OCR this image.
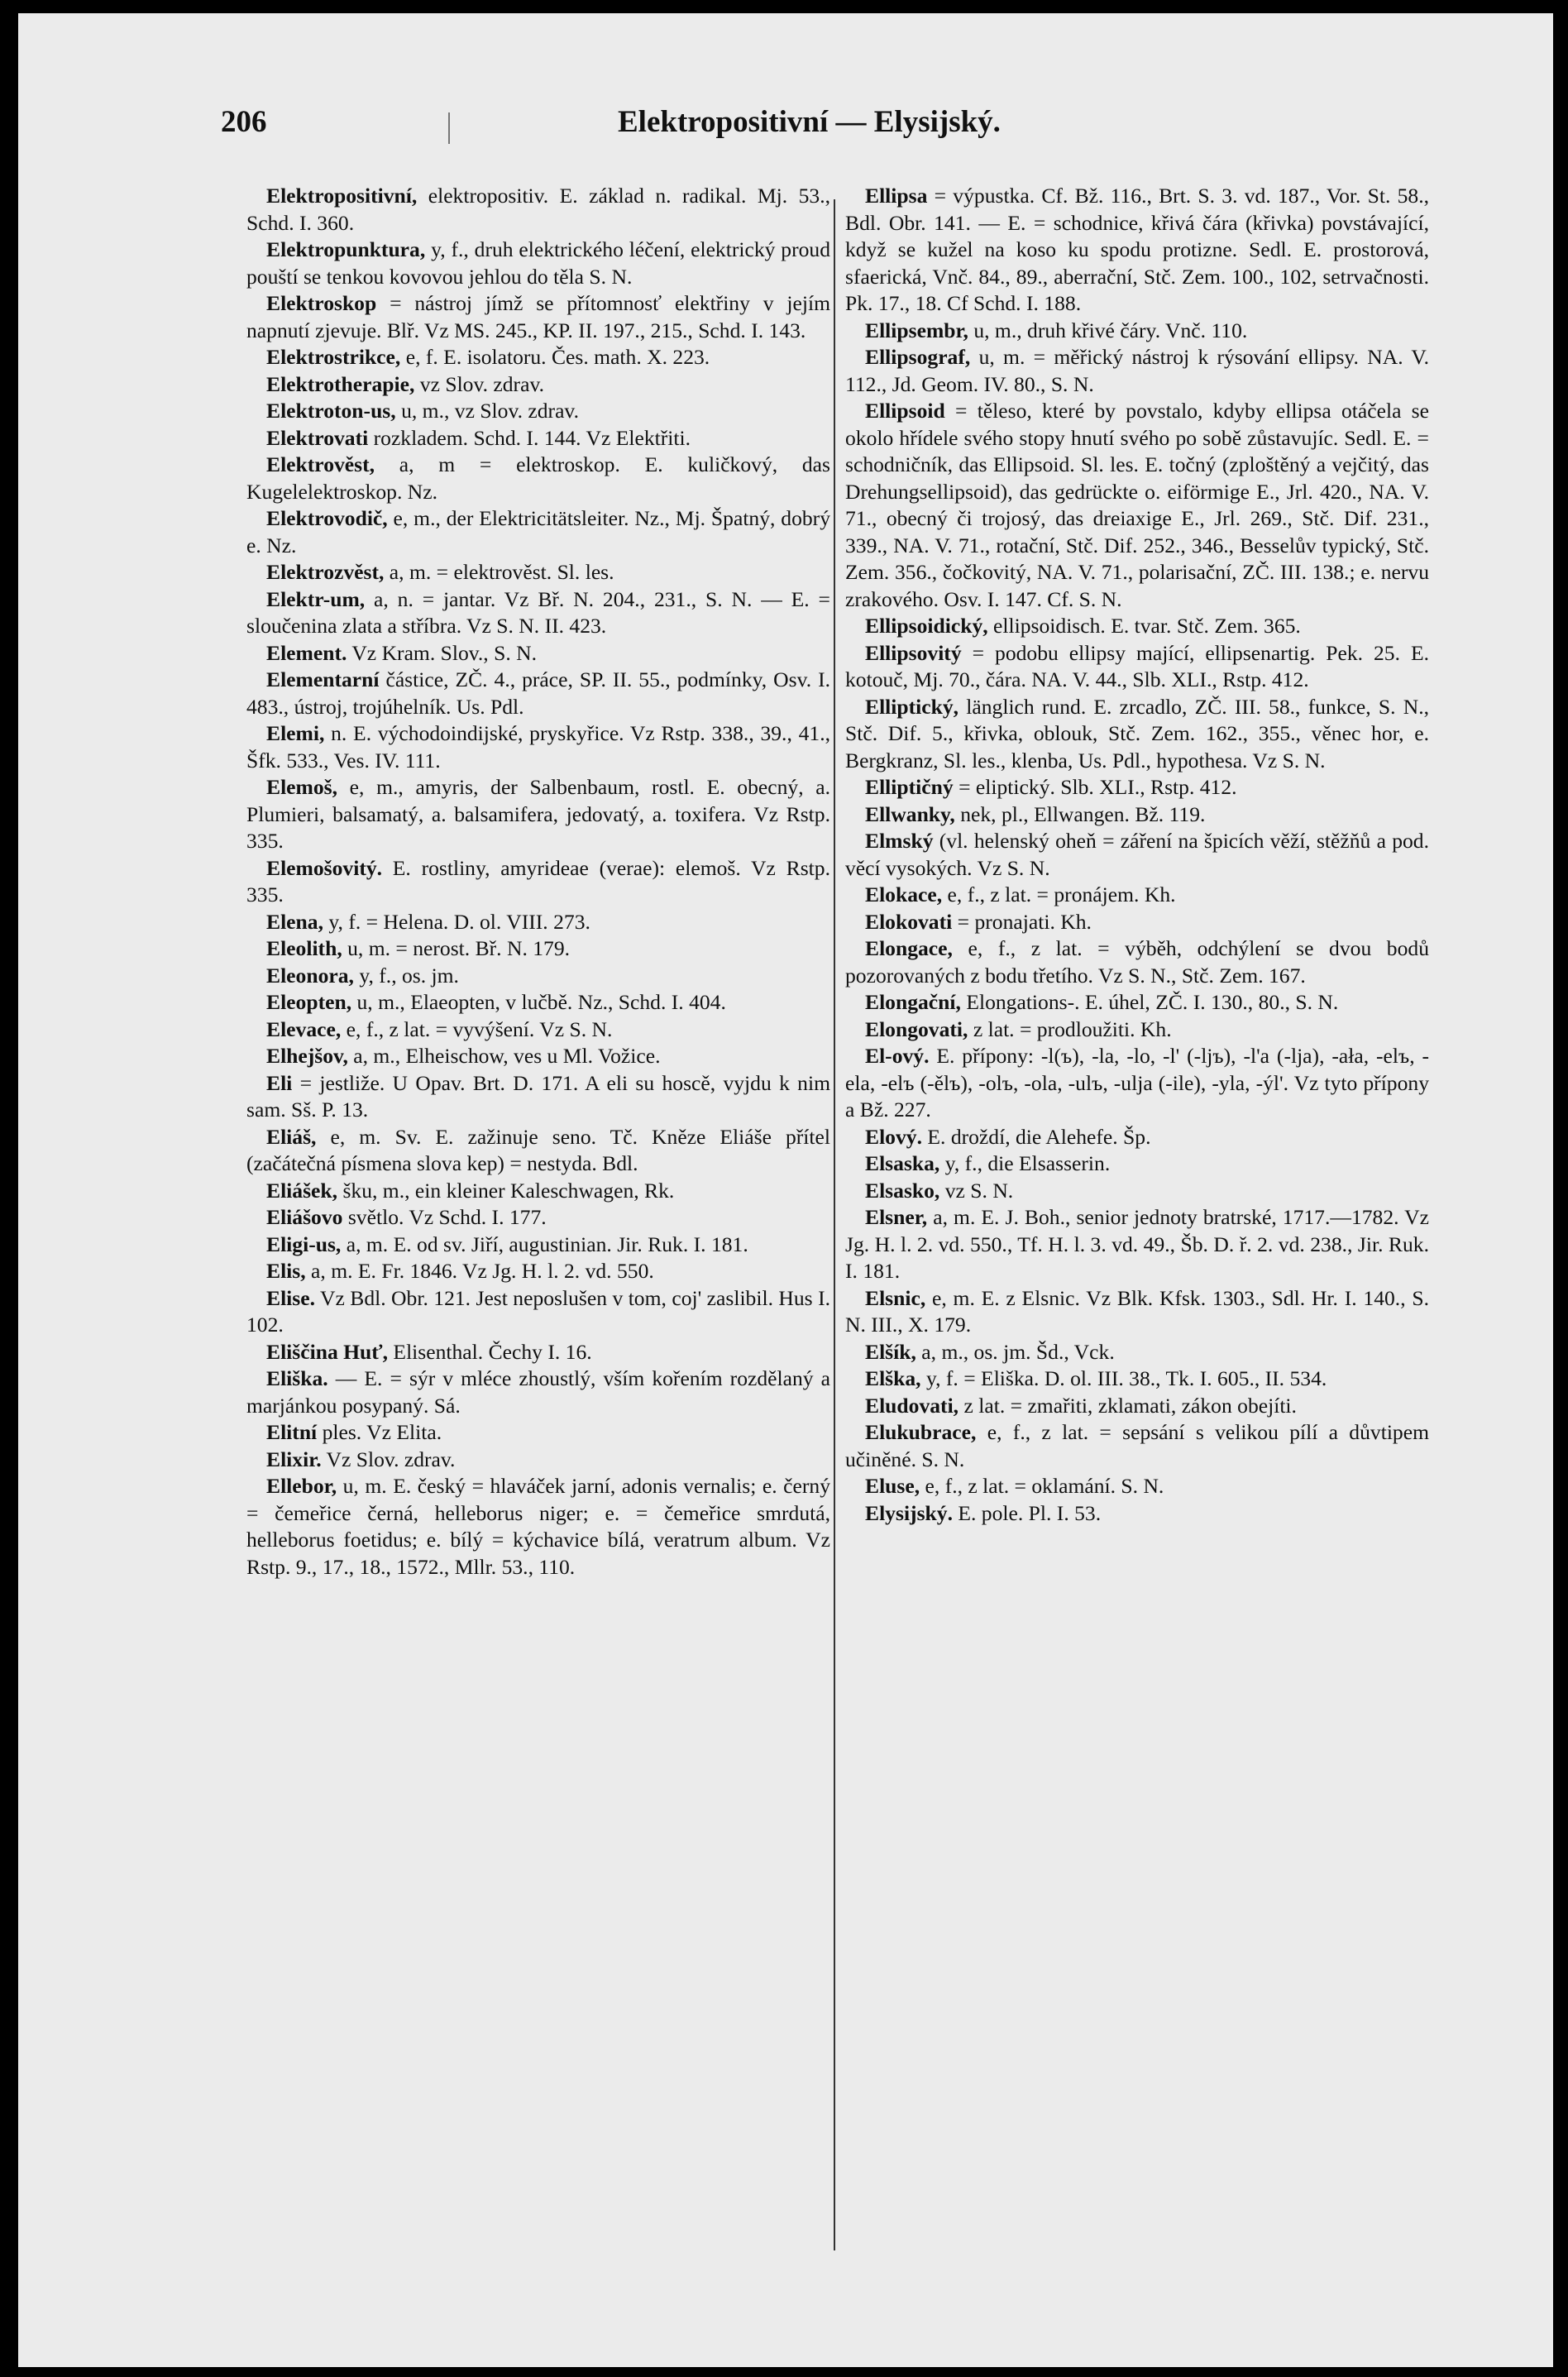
206	Elektropositivní — Elysijský.

Elektropositivní, elektropositiv. E. základ n. radikal. Mj. 53., Schd. I. 360.

Elektropunktura, y, f., druh elektrického léčení, elektrický proud pouští se tenkou kovovou jehlou do těla S. N.

Elektroskop = nástroj jímž se přítomnosť elektřiny v jejím napnutí zjevuje. Blř. Vz MS. 245., KP. II. 197., 215., Schd. I. 143.

Elektrostrikce, e, f. E. isolatoru. Čes. math. X. 223.

Elektrotherapie, vz Slov. zdrav.

Elektroton-us, u, m., vz Slov. zdrav.

Elektrovati rozkladem. Schd. I. 144. Vz Elektřiti.

Elektrověst, a, m = elektroskop. E. kuličkový, das Kugelelektroskop. Nz.

Elektrovodič, e, m., der Elektricitätsleiter. Nz., Mj. Špatný, dobrý e. Nz.

Elektrozvěst, a, m. = elektrověst. Sl. les.

Elektr-um, a, n. = jantar. Vz Bř. N. 204., 231., S. N. — E. = sloučenina zlata a stříbra. Vz S. N. II. 423.

Element. Vz Kram. Slov., S. N.

Elementarní částice, ZČ. 4., práce, SP. II. 55., podmínky, Osv. I. 483., ústroj, trojúhelník. Us. Pdl.

Elemi, n. E. východoindijské, pryskyřice. Vz Rstp. 338., 39., 41., Šfk. 533., Ves. IV. 111.

Elemoš, e, m., amyris, der Salbenbaum, rostl. E. obecný, a. Plumieri, balsamatý, a. balsamifera, jedovatý, a. toxifera. Vz Rstp. 335.

Elemošovitý. E. rostliny, amyrideae (verae): elemoš. Vz Rstp. 335.

Elena, y, f. = Helena. D. ol. VIII. 273.

Eleolith, u, m. = nerost. Bř. N. 179.

Eleonora, y, f., os. jm.

Eleopten, u, m., Elaeopten, v lučbě. Nz., Schd. I. 404.

Elevace, e, f., z lat. = vyvýšení. Vz S. N.

Elhejšov, a, m., Elheischow, ves u Ml. Vožice.

Eli = jestliže. U Opav. Brt. D. 171. A eli su hoscě, vyjdu k nim sam. Sš. P. 13.

Eliáš, e, m. Sv. E. zažinuje seno. Tč. Kněze Eliáše přítel (začátečná písmena slova kep) = nestyda. Bdl.

Eliášek, šku, m., ein kleiner Kaleschwagen, Rk.

Eliášovo světlo. Vz Schd. I. 177.

Eligi-us, a, m. E. od sv. Jiří, augustinian. Jir. Ruk. I. 181.

Elis, a, m. E. Fr. 1846. Vz Jg. H. l. 2. vd. 550.

Elise. Vz Bdl. Obr. 121. Jest neposlušen v tom, coj' zaslibil. Hus I. 102.

Eliščina Huť, Elisenthal. Čechy I. 16.

Eliška. — E. = sýr v mléce zhoustlý, vším kořením rozdělaný a marjánkou posypaný. Sá.

Elitní ples. Vz Elita.

Elixir. Vz Slov. zdrav.

Ellebor, u, m. E. český = hlaváček jarní, adonis vernalis; e. černý = čemeřice černá, helleborus niger; e. = čemeřice smrdutá, helleborus foetidus; e. bílý = kýchavice bílá, veratrum album. Vz Rstp. 9., 17., 18., 1572., Mllr. 53., 110.

Ellipsa = výpustka. Cf. Bž. 116., Brt. S. 3. vd. 187., Vor. St. 58., Bdl. Obr. 141. — E. = schodnice, křivá čára (křivka) povstávající, když se kužel na koso ku spodu protizne. Sedl. E. prostorová, sfaerická, Vnč. 84., 89., aberrační, Stč. Zem. 100., 102, setrvačnosti. Pk. 17., 18. Cf Schd. I. 188.

Ellipsembr, u, m., druh křivé čáry. Vnč. 110.

Ellipsograf, u, m. = měřický nástroj k rýsování ellipsy. NA. V. 112., Jd. Geom. IV. 80., S. N.

Ellipsoid = těleso, které by povstalo, kdyby ellipsa otáčela se okolo hřídele svého stopy hnutí svého po sobě zůstavujíc. Sedl. E. = schodničník, das Ellipsoid. Sl. les. E. točný (zploštěný a vejčitý, das Drehungsellipsoid), das gedrückte o. eiförmige E., Jrl. 420., NA. V. 71., obecný či trojosý, das dreiaxige E., Jrl. 269., Stč. Dif. 231., 339., NA. V. 71., rotační, Stč. Dif. 252., 346., Besselův typický, Stč. Zem. 356., čočkovitý, NA. V. 71., polarisační, ZČ. III. 138.; e. nervu zrakového. Osv. I. 147. Cf. S. N.

Ellipsoidický, ellipsoidisch. E. tvar. Stč. Zem. 365.

Ellipsovitý = podobu ellipsy mající, ellipsenartig. Pek. 25. E. kotouč, Mj. 70., čára. NA. V. 44., Slb. XLI., Rstp. 412.

Elliptický, länglich rund. E. zrcadlo, ZČ. III. 58., funkce, S. N., Stč. Dif. 5., křivka, oblouk, Stč. Zem. 162., 355., věnec hor, e. Bergkranz, Sl. les., klenba, Us. Pdl., hypothesa. Vz S. N.

Elliptičný = eliptický. Slb. XLI., Rstp. 412.

Ellwanky, nek, pl., Ellwangen. Bž. 119.

Elmský (vl. helenský oheň = záření na špicích věží, stěžňů a pod. věcí vysokých. Vz S. N.

Elokace, e, f., z lat. = pronájem. Kh.

Elokovati = pronajati. Kh.

Elongace, e, f., z lat. = výběh, odchýlení se dvou bodů pozorovaných z bodu třetího. Vz S. N., Stč. Zem. 167.

Elongační, Elongations-. E. úhel, ZČ. I. 130., 80., S. N.

Elongovati, z lat. = prodloužiti. Kh.

El-ový. E. přípony: -l(ъ), -la, -lo, -l' (-ljъ), -l'a (-lja), -ała, -elъ, -ela, -elъ (-ělъ), -olъ, -ola, -ulъ, -ulja (-ile), -yla, -ýl'. Vz tyto přípony a Bž. 227.

Elový. E. droždí, die Alehefe. Šp.

Elsaska, y, f., die Elsasserin.

Elsasko, vz S. N.

Elsner, a, m. E. J. Boh., senior jednoty bratrské, 1717.—1782. Vz Jg. H. l. 2. vd. 550., Tf. H. l. 3. vd. 49., Šb. D. ř. 2. vd. 238., Jir. Ruk. I. 181.

Elsnic, e, m. E. z Elsnic. Vz Blk. Kfsk. 1303., Sdl. Hr. I. 140., S. N. III., X. 179.

Elšík, a, m., os. jm. Šd., Vck.

Elška, y, f. = Eliška. D. ol. III. 38., Tk. I. 605., II. 534.

Eludovati, z lat. = zmařiti, zklamati, zákon obejíti.

Elukubrace, e, f., z lat. = sepsání s velikou pílí a důvtipem učiněné. S. N.

Eluse, e, f., z lat. = oklamání. S. N.

Elysijský. E. pole. Pl. I. 53.
